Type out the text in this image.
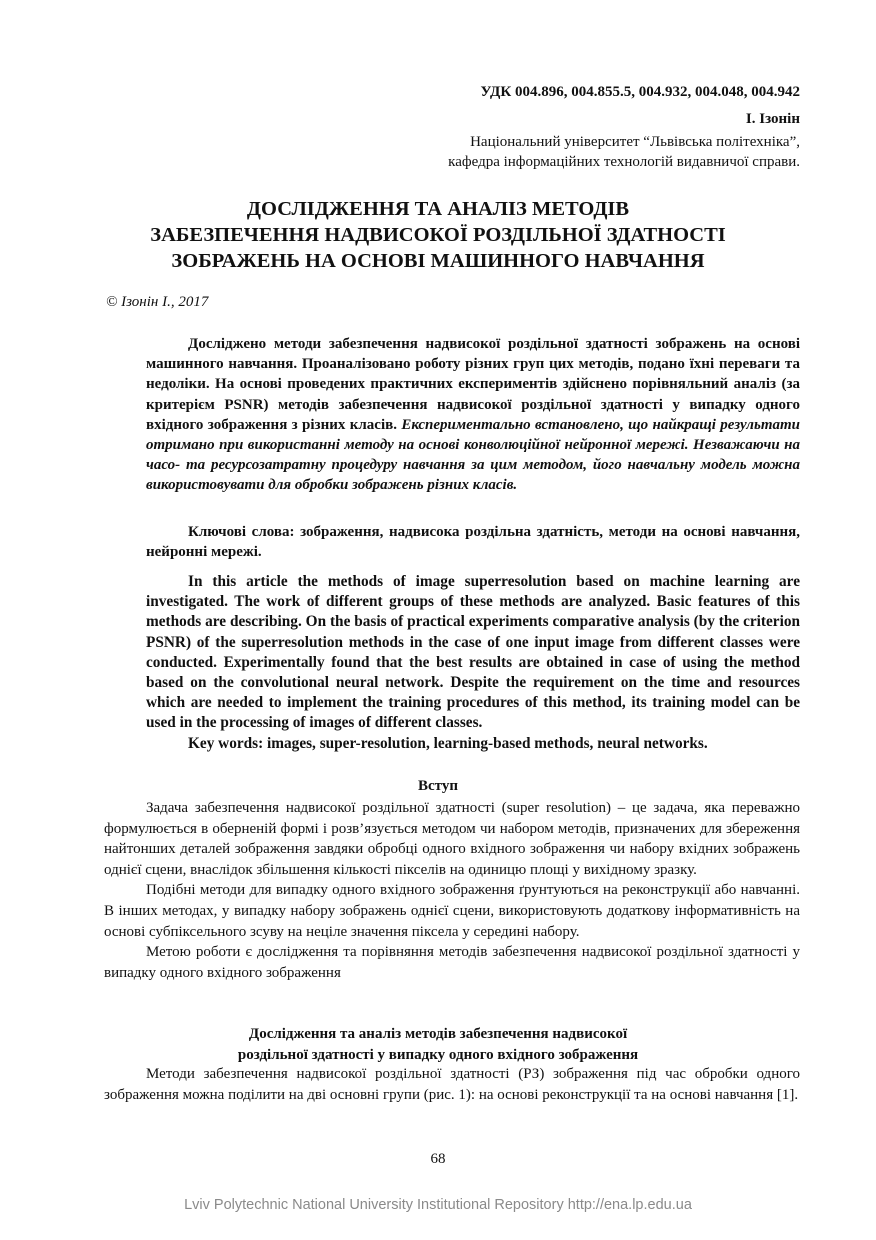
УДК 004.896, 004.855.5, 004.932, 004.048, 004.942
І. Ізонін
Національний університет “Львівська політехніка”,
кафедра інформаційних технологій видавничої справи.
ДОСЛІДЖЕННЯ ТА АНАЛІЗ МЕТОДІВ
ЗАБЕЗПЕЧЕННЯ НАДВИСОКОЇ РОЗДІЛЬНОЇ ЗДАТНОСТІ
ЗОБРАЖЕНЬ НА ОСНОВІ МАШИННОГО НАВЧАННЯ
© Ізонін І., 2017

Досліджено методи забезпечення надвисокої роздільної здатності зображень на основі машинного навчання. Проаналізовано роботу різних груп цих методів, подано їхні переваги та недоліки. На основі проведених практичних експериментів здійснено порівняльний аналіз (за критерієм PSNR) методів забезпечення надвисокої роздільної здатності у випадку одного вхідного зображення з різних класів. Експериментально встановлено, що найкращі результати отримано при використанні методу на основі конволюційної нейронної мережі. Незважаючи на часо- та ресурсозатратну процедуру навчання за цим методом, його навчальну модель можна використовувати для обробки зображень різних класів.

Ключові слова: зображення, надвисока роздільна здатність, методи на основі навчання, нейронні мережі.

In this article the methods of image superresolution based on machine learning are investigated. The work of different groups of these methods are analyzed. Basic features of this methods are describing. On the basis of practical experiments comparative analysis (by the criterion PSNR) of the superresolution methods in the case of one input image from different classes were conducted. Experimentally found that the best results are obtained in case of using the method based on the convolutional neural network. Despite the requirement on the time and resources which are needed to implement the training procedures of this method, its training model can be used in the processing of images of different classes.

Key words: images, super-resolution, learning-based methods, neural networks.

Вступ

Задача забезпечення надвисокої роздільної здатності (super resolution) – це задача, яка переважно формулюється в оберненій формі і розв’язується методом чи набором методів, призначених для збереження найтонших деталей зображення завдяки обробці одного вхідного зображення чи набору вхідних зображень однієї сцени, внаслідок збільшення кількості пікселів на одиницю площі у вихідному зразку.

Подібні методи для випадку одного вхідного зображення ґрунтуються на реконструкції або навчанні. В інших методах, у випадку набору зображень однієї сцени, використовують додаткову інформативність на основі субпіксельного зсуву на неціле значення піксела у середині набору.

Метою роботи є дослідження та порівняння методів забезпечення надвисокої роздільної здатності у випадку одного вхідного зображення

Дослідження та аналіз методів забезпечення надвисокої
роздільної здатності у випадку одного вхідного зображення

Методи забезпечення надвисокої роздільної здатності (РЗ) зображення під час обробки одного зображення можна поділити на дві основні групи (рис. 1): на основі реконструкції та на основі навчання [1].

68
Lviv Polytechnic National University Institutional Repository http://ena.lp.edu.ua
